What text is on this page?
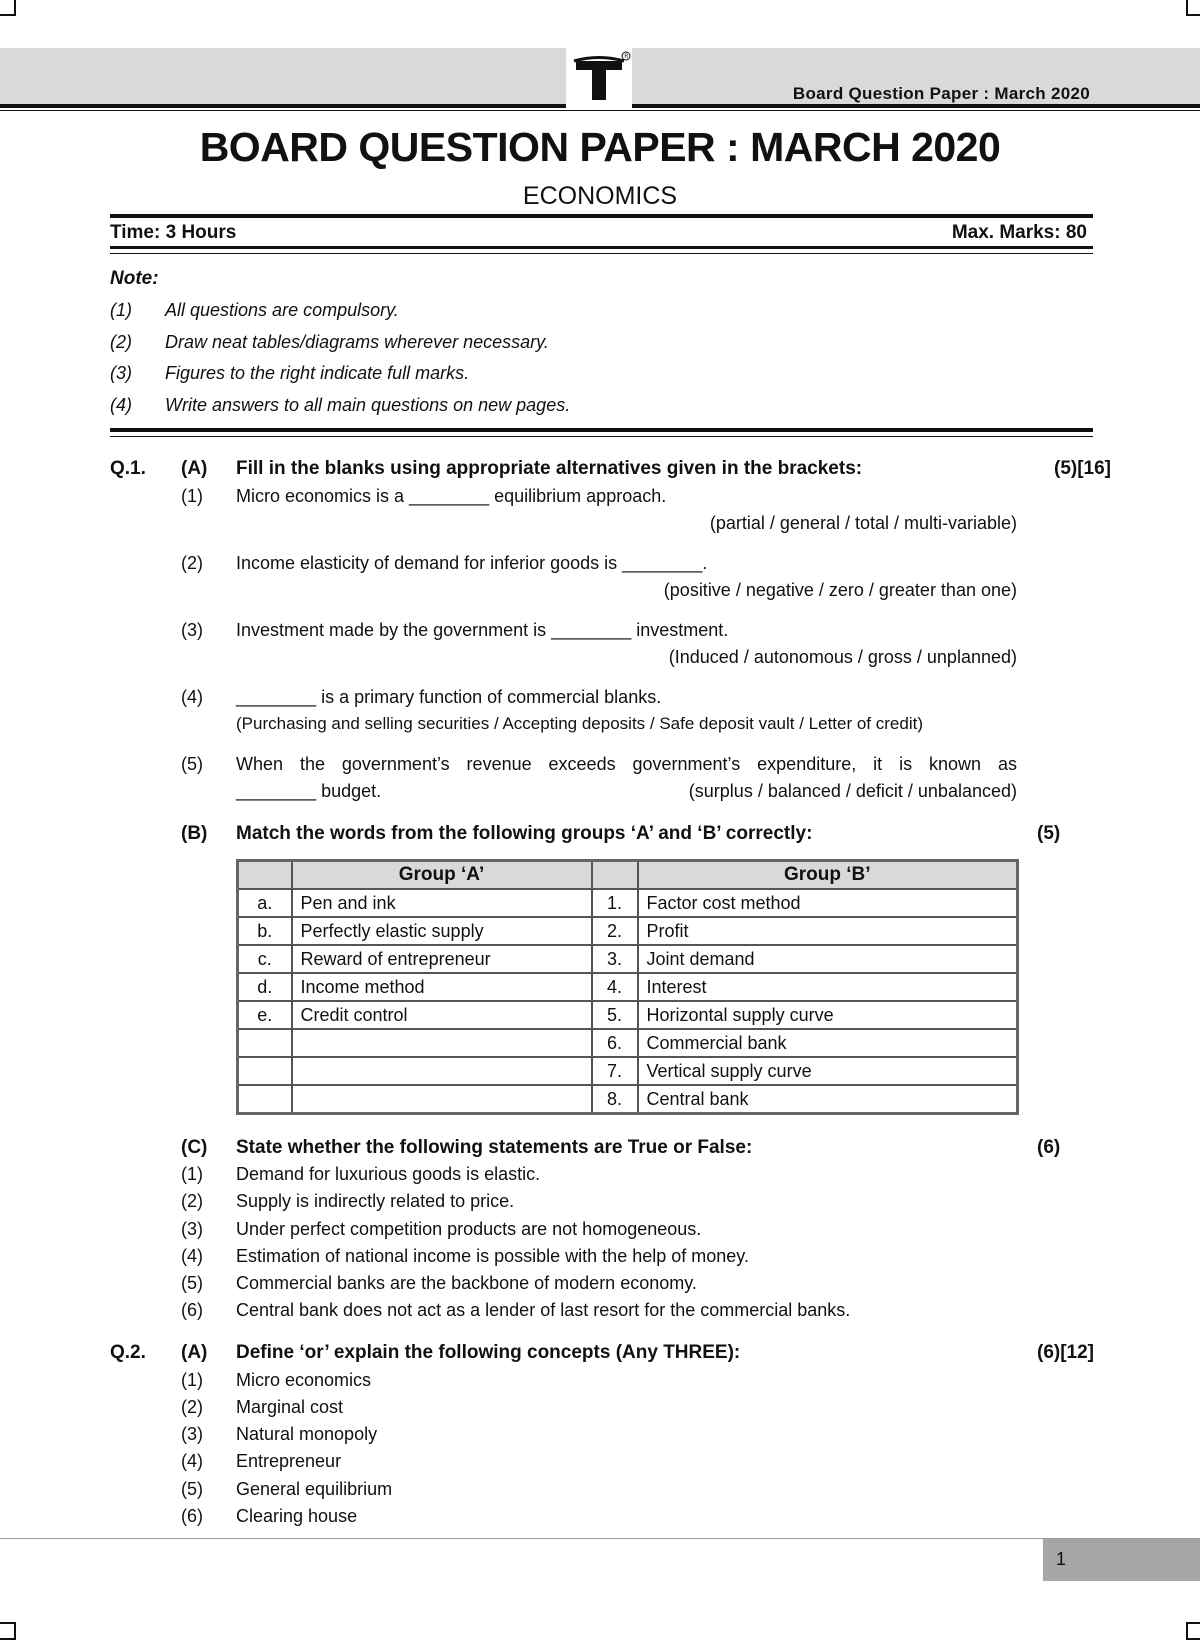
R
Board Question Paper : March 2020
BOARD QUESTION PAPER : MARCH 2020
ECONOMICS
Time: 3 Hours	Max. Marks: 80
Note:
(1) All questions are compulsory.
(2) Draw neat tables/diagrams wherever necessary.
(3) Figures to the right indicate full marks.
(4) Write answers to all main questions on new pages.
Q.1. (A) Fill in the blanks using appropriate alternatives given in the brackets:	(5)[16]
(1) Micro economics is a ________ equilibrium approach.
(partial / general / total / multi-variable)
(2) Income elasticity of demand for inferior goods is ________.
(positive / negative / zero / greater than one)
(3) Investment made by the government is ________ investment.
(Induced / autonomous / gross / unplanned)
(4) ________ is a primary function of commercial blanks.
(Purchasing and selling securities / Accepting deposits / Safe deposit vault / Letter of credit)
(5) When the government’s revenue exceeds government’s expenditure, it is known as
________ budget.	(surplus / balanced / deficit / unbalanced)
(B) Match the words from the following groups ‘A’ and ‘B’ correctly:	(5)
	Group ‘A’		Group ‘B’
a.	Pen and ink	1.	Factor cost method
b.	Perfectly elastic supply	2.	Profit
c.	Reward of entrepreneur	3.	Joint demand
d.	Income method	4.	Interest
e.	Credit control	5.	Horizontal supply curve
		6.	Commercial bank
		7.	Vertical supply curve
		8.	Central bank
(C) State whether the following statements are True or False:	(6)
(1) Demand for luxurious goods is elastic.
(2) Supply is indirectly related to price.
(3) Under perfect competition products are not homogeneous.
(4) Estimation of national income is possible with the help of money.
(5) Commercial banks are the backbone of modern economy.
(6) Central bank does not act as a lender of last resort for the commercial banks.
Q.2. (A) Define ‘or’ explain the following concepts (Any THREE):	(6)[12]
(1) Micro economics
(2) Marginal cost
(3) Natural monopoly
(4) Entrepreneur
(5) General equilibrium
(6) Clearing house
1
